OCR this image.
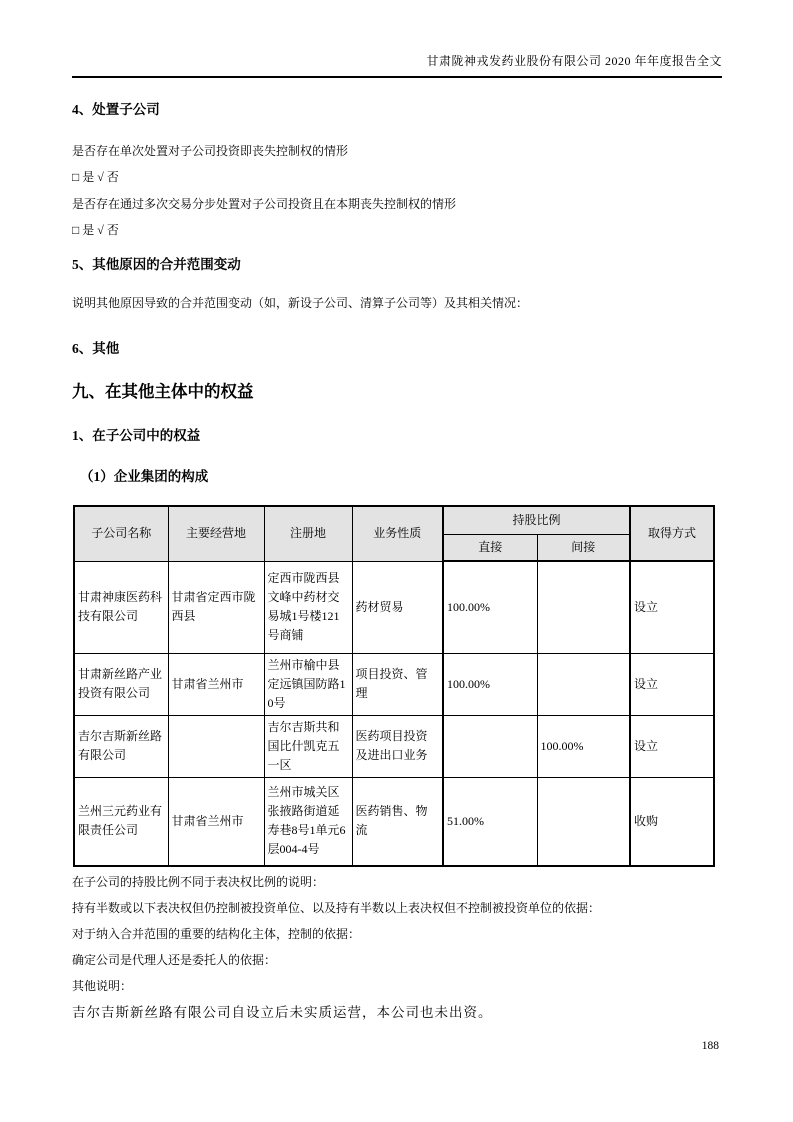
甘肃陇神戎发药业股份有限公司 2020 年年度报告全文
4、处置子公司
是否存在单次处置对子公司投资即丧失控制权的情形
□ 是 √ 否
是否存在通过多次交易分步处置对子公司投资且在本期丧失控制权的情形
□ 是 √ 否
5、其他原因的合并范围变动
说明其他原因导致的合并范围变动（如，新设子公司、清算子公司等）及其相关情况：
6、其他
九、在其他主体中的权益
1、在子公司中的权益
（1）企业集团的构成
子公司名称	主要经营地	注册地	业务性质	持股比例		取得方式
				直接	间接	
甘肃神康医药科技有限公司	甘肃省定西市陇西县	定西市陇西县文峰中药材交易城1号楼121号商铺	药材贸易	100.00%		设立
甘肃新丝路产业投资有限公司	甘肃省兰州市	兰州市榆中县定远镇国防路10号	项目投资、管理	100.00%		设立
吉尔吉斯新丝路有限公司		吉尔吉斯共和国比什凯克五一区	医药项目投资及进出口业务		100.00%	设立
兰州三元药业有限责任公司	甘肃省兰州市	兰州市城关区张掖路街道延寿巷8号1单元6层004-4号	医药销售、物流	51.00%		收购
在子公司的持股比例不同于表决权比例的说明：
持有半数或以下表决权但仍控制被投资单位、以及持有半数以上表决权但不控制被投资单位的依据：
对于纳入合并范围的重要的结构化主体，控制的依据：
确定公司是代理人还是委托人的依据：
其他说明：
吉尔吉斯新丝路有限公司自设立后未实质运营，本公司也未出资。
188
